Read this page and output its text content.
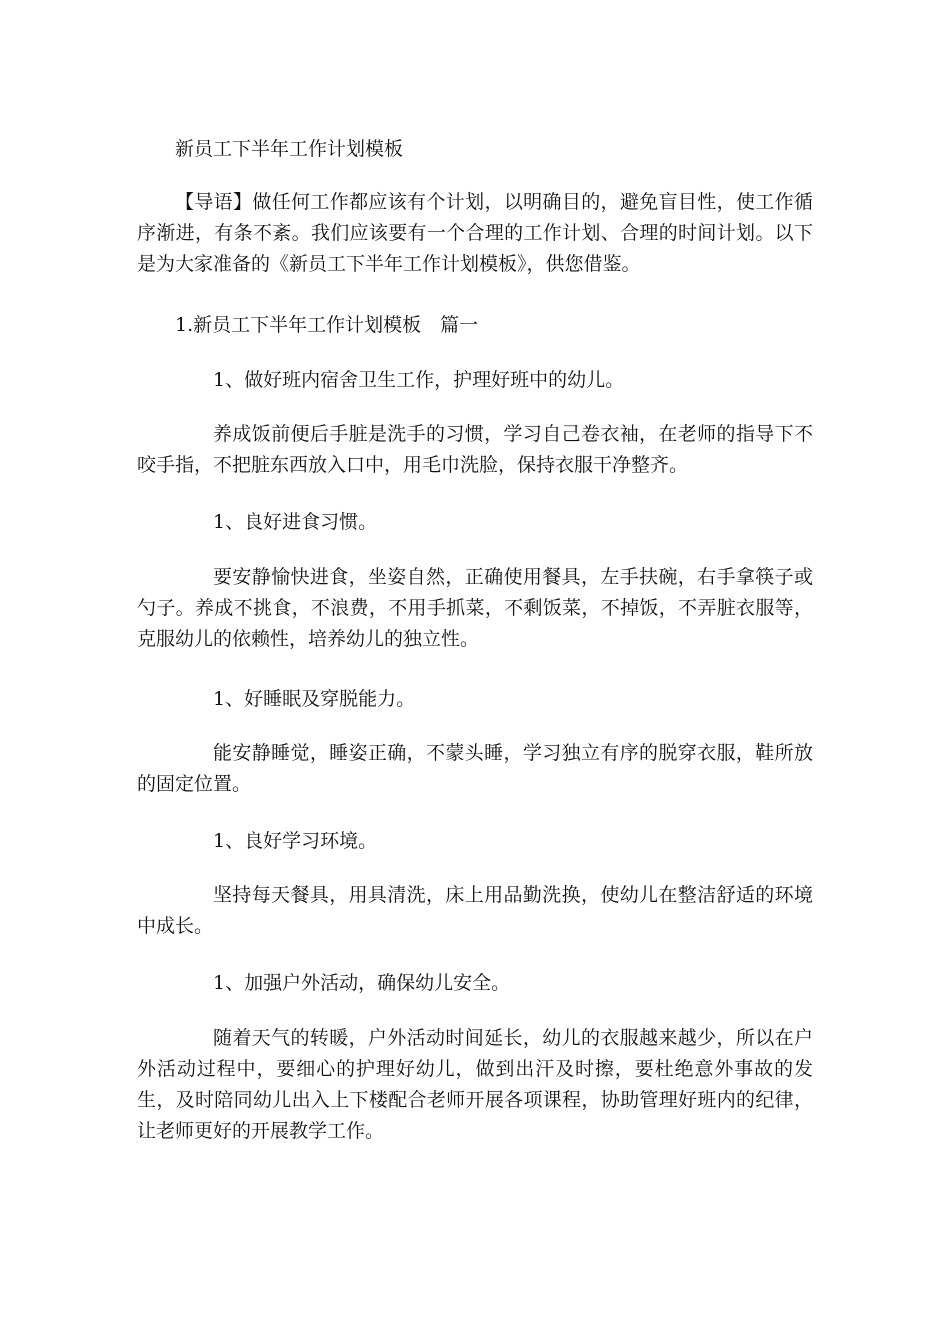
新员工下半年工作计划模板

【导语】做任何工作都应该有个计划，以明确目的，避免盲目性，使工作循序渐进，有条不紊。我们应该要有一个合理的工作计划、合理的时间计划。以下是为大家准备的《新员工下半年工作计划模板》，供您借鉴。

1.新员工下半年工作计划模板　篇一

1、做好班内宿舍卫生工作，护理好班中的幼儿。

养成饭前便后手脏是洗手的习惯，学习自己卷衣袖，在老师的指导下不咬手指，不把脏东西放入口中，用毛巾洗脸，保持衣服干净整齐。

1、良好进食习惯。

要安静愉快进食，坐姿自然，正确使用餐具，左手扶碗，右手拿筷子或勺子。养成不挑食，不浪费，不用手抓菜，不剩饭菜，不掉饭，不弄脏衣服等，克服幼儿的依赖性，培养幼儿的独立性。

1、好睡眠及穿脱能力。

能安静睡觉，睡姿正确，不蒙头睡，学习独立有序的脱穿衣服，鞋所放的固定位置。

1、良好学习环境。

坚持每天餐具，用具清洗，床上用品勤洗换，使幼儿在整洁舒适的环境中成长。

1、加强户外活动，确保幼儿安全。

随着天气的转暖，户外活动时间延长，幼儿的衣服越来越少，所以在户外活动过程中，要细心的护理好幼儿，做到出汗及时擦，要杜绝意外事故的发生，及时陪同幼儿出入上下楼配合老师开展各项课程，协助管理好班内的纪律，让老师更好的开展教学工作。
